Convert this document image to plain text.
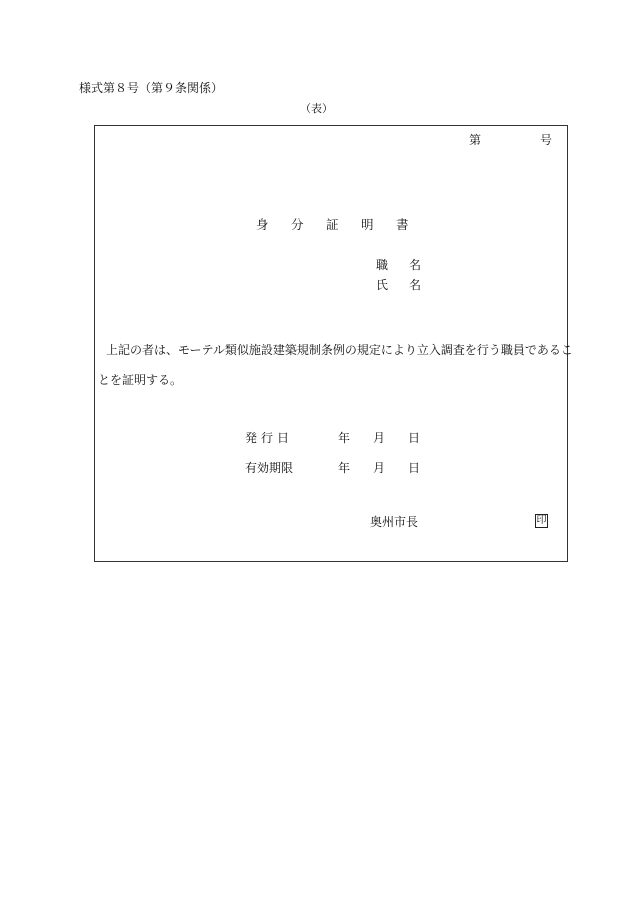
様式第８号（第９条関係）
（表）
第	号
身 分 証 明 書
職 名
氏 名
上記の者は、モーテル類似施設建築規制条例の規定により立入調査を行う職員であるこ
とを証明する。
発行日	年 月 日
有効期限	年 月 日
奥州市長	印
